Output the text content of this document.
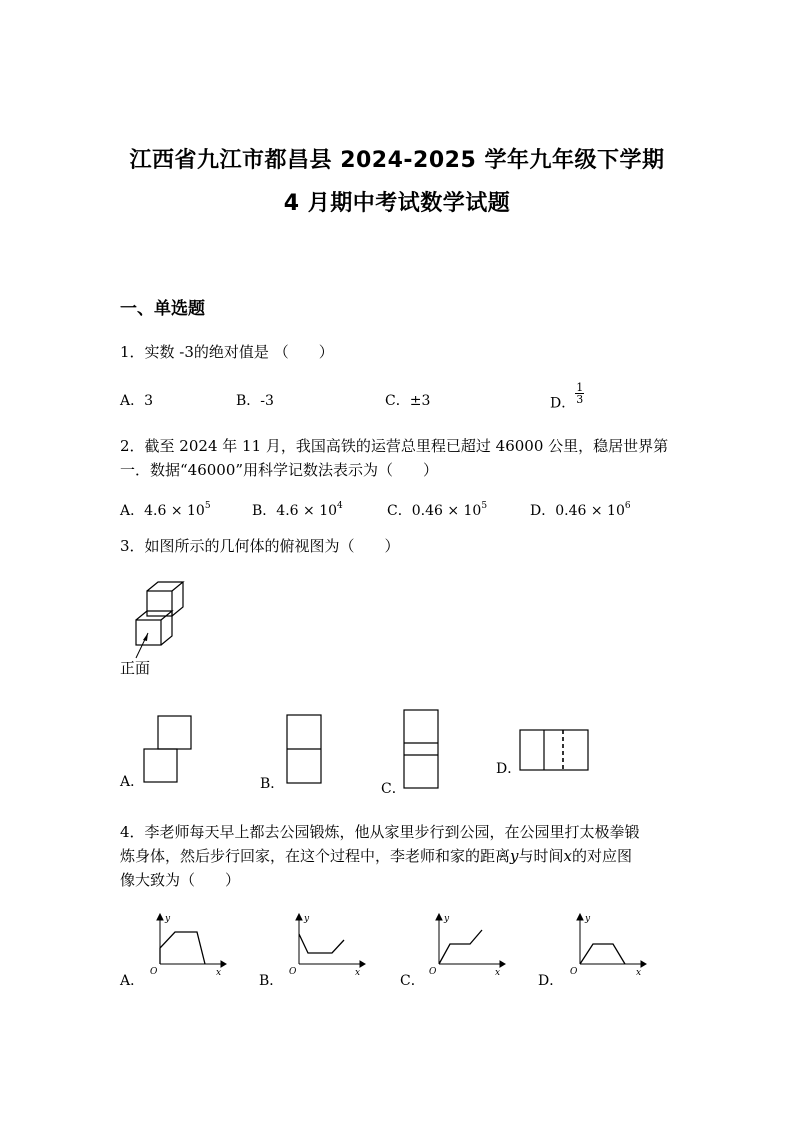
江西省九江市都昌县 2024-2025 学年九年级下学期
4 月期中考试数学试题
一、单选题
1．实数 -3的绝对值是 （　　）
A．3	B．-3	C．±3	D． $\frac{1}{3}$
2．截至 2024 年 11 月，我国高铁的运营总里程已超过 46000 公里，稳居世界第
一．数据“46000”用科学记数法表示为（　　）
A．$4.6 \times 10^5$	B．$4.6 \times 10^4$	C．$0.46 \times 10^5$	D．$0.46 \times 10^6$
3．如图所示的几何体的俯视图为（　　）
正面
A．	B．	C．
D．
4．李老师每天早上都去公园锻炼，他从家里步行到公园，在公园里打太极拳锻
炼身体，然后步行回家，在这个过程中，李老师和家的距离y与时间x的对应图
像大致为（　　）
A．
y
x
O
B．
y
x
O
C．
y
x
O
D．
y
x
O
